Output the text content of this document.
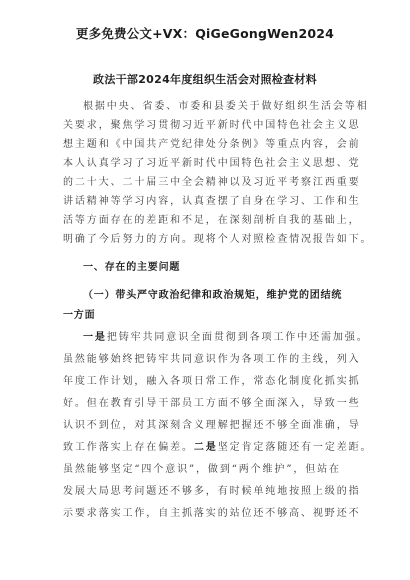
更多免费公文+VX：QiGeGongWen2024
政法干部2024年度组织生活会对照检查材料
根据中央、省委、市委和县委关于做好组织生活会等相
关要求，聚焦学习贯彻习近平新时代中国特色社会主义思
想主题和《中国共产党纪律处分条例》等重点内容，会前
本人认真学习了习近平新时代中国特色社会主义思想、党
的二十大、二十届三中全会精神以及习近平考察江西重要
讲话精神等学习内容，认真查摆了自身在学习、工作和生
活等方面存在的差距和不足，在深刻剖析自我的基础上，
明确了今后努力的方向。现将个人对照检查情况报告如下。
一、存在的主要问题
（一）带头严守政治纪律和政治规矩，维护党的团结统
一方面
一是把铸牢共同意识全面贯彻到各项工作中还需加强。
虽然能够始终把铸牢共同意识作为各项工作的主线，列入
年度工作计划，融入各项日常工作，常态化制度化抓实抓
好。但在教育引导干部员工方面不够全面深入，导致一些
认识不到位，对其深刻含义理解把握还不够全面准确，导
致工作落实上存在偏差。二是坚定肯定落随还有一定差距。
虽然能够坚定“四个意识”，做到“两个维护”，但站在
发展大局思考问题还不够多，有时候单纯地按照上级的指
示要求落实工作，自主抓落实的站位还不够高、视野还不
